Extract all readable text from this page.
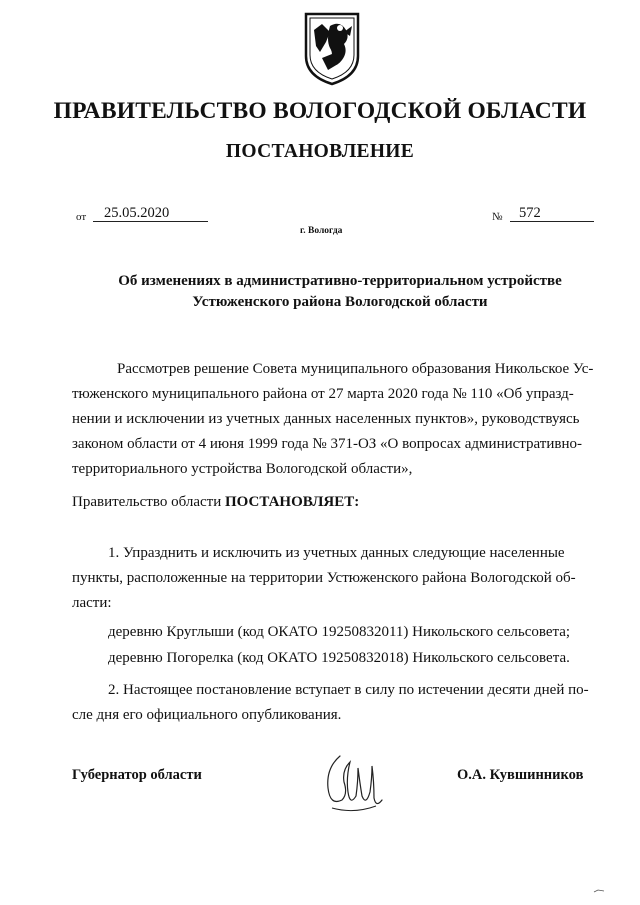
ПРАВИТЕЛЬСТВО ВОЛОГОДСКОЙ ОБЛАСТИ
ПОСТАНОВЛЕНИЕ
от 25.05.2020	№ 572
г. Вологда
Об изменениях в административно-территориальном устройстве
Устюженского района Вологодской области

Рассмотрев решение Совета муниципального образования Никольское Ус-

тюженского муниципального района от 27 марта 2020 года № 110 «Об упразд-

нении и исключении из учетных данных населенных пунктов», руководствуясь

законом области от 4 июня 1999 года № 371-ОЗ «О вопросах административно-

территориального устройства Вологодской области»,

Правительство области ПОСТАНОВЛЯЕТ:

1. Упразднить и исключить из учетных данных следующие населенные

пункты, расположенные на территории Устюженского района Вологодской об-

ласти:

деревню Круглыши (код ОКАТО 19250832011) Никольского сельсовета;
деревню Погорелка (код ОКАТО 19250832018) Никольского сельсовета.

2. Настоящее постановление вступает в силу по истечении десяти дней по-

сле дня его официального опубликования.

Губернатор области	О.А. Кувшинников
